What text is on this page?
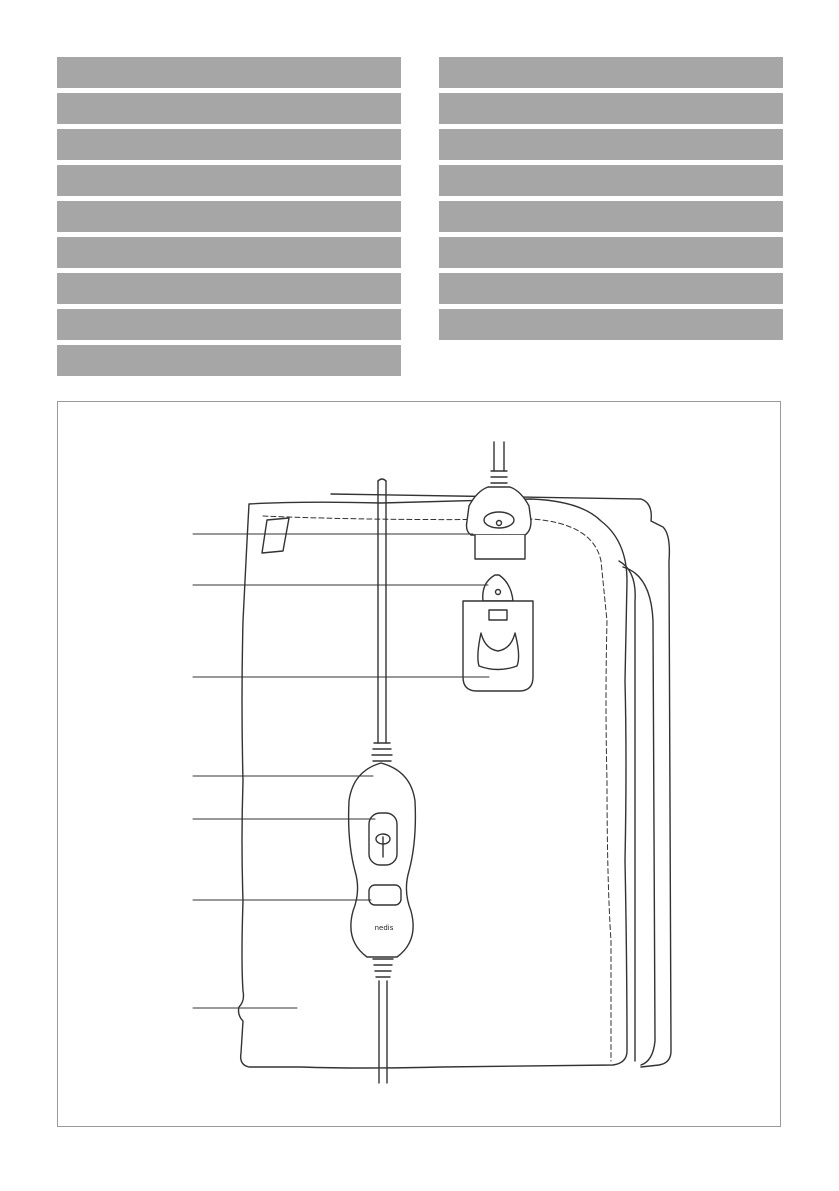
nedis
